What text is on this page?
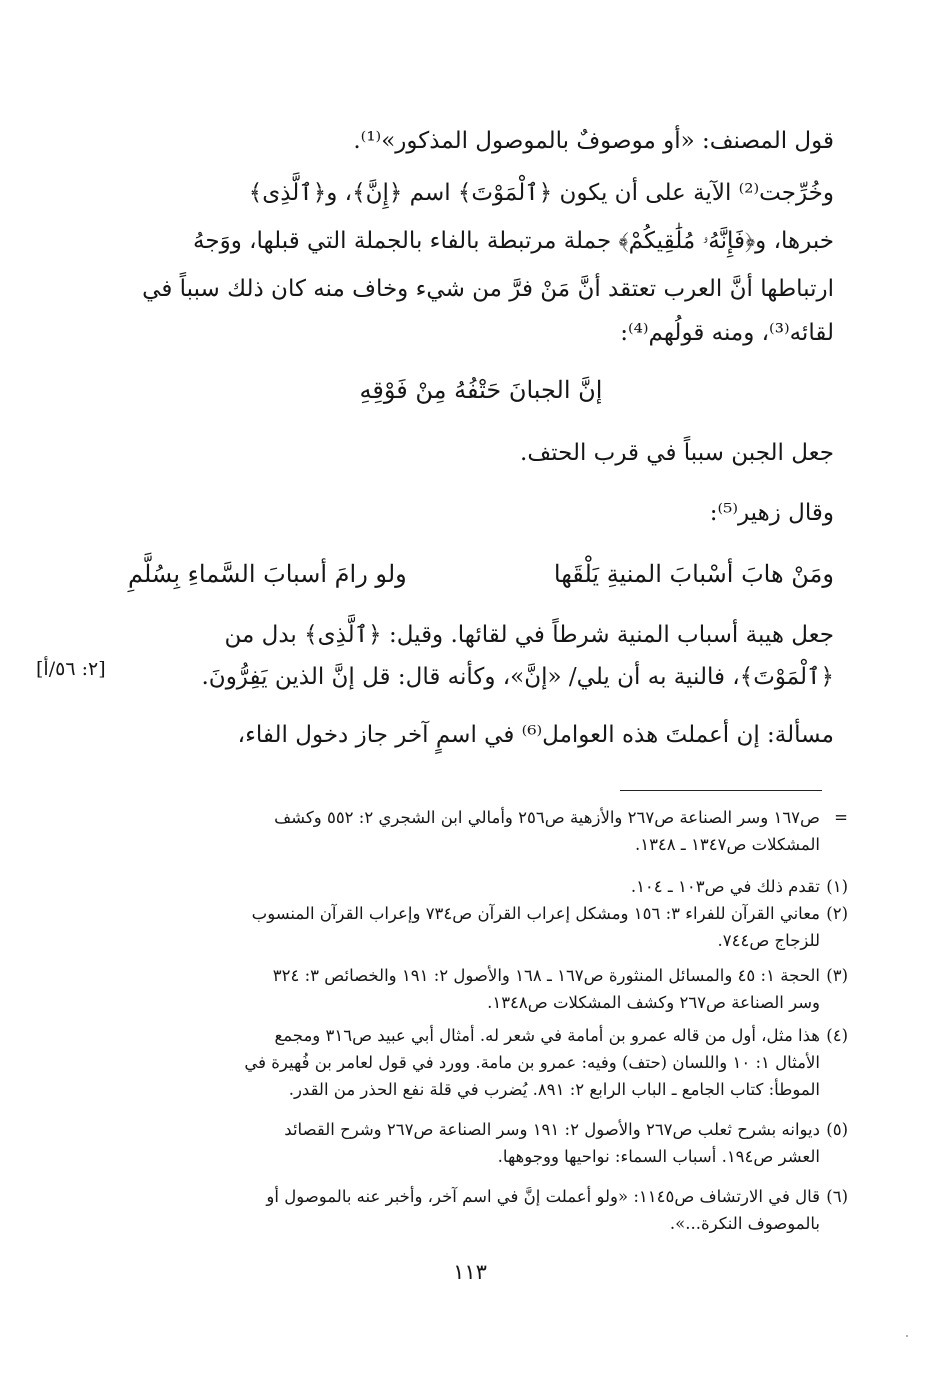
قول المصنف: «أو موصوفٌ بالموصول المذكور»⁽¹⁾.
وخُرِّجت⁽²⁾ الآية على أن يكون ﴿ٱلْمَوْتَ﴾ اسم ﴿إِنَّ﴾، و﴿ٱلَّذِى﴾
خبرها، و﴿فَإِنَّهُۥ مُلَٰقِيكُمْ﴾ جملة مرتبطة بالفاء بالجملة التي قبلها، ووَجهُ
ارتباطها أنَّ العرب تعتقد أنَّ مَنْ فرَّ من شيء وخاف منه كان ذلك سبباً في
لقائه⁽³⁾، ومنه قولُهم⁽⁴⁾:
إنَّ الجبانَ حَتْفُهُ مِنْ فَوْقِهِ
جعل الجبن سبباً في قرب الحتف.
وقال زهير⁽⁵⁾:
ومَنْ هابَ أسْبابَ المنيةِ يَلْقَها
ولو رامَ أسبابَ السَّماءِ بِسُلَّمِ
جعل هيبة أسباب المنية شرطاً في لقائها. وقيل: ﴿ٱلَّذِى﴾ بدل من
﴿ٱلْمَوْتَ﴾، فالنية به أن يلي/ «إنَّ»، وكأنه قال: قل إنَّ الذين يَفِرُّونَ.
مسألة: إن أعملتَ هذه العوامل⁽⁶⁾ في اسمٍ آخر جاز دخول الفاء،
[٢: ٥٦/أ]
=
ص١٦٧ وسر الصناعة ص٢٦٧ والأزهية ص٢٥٦ وأمالي ابن الشجري ٢: ٥٥٢ وكشف
المشكلات ص١٣٤٧ ـ ١٣٤٨.
(١)
تقدم ذلك في ص١٠٣ ـ ١٠٤.
(٢)
معاني القرآن للفراء ٣: ١٥٦ ومشكل إعراب القرآن ص٧٣٤ وإعراب القرآن المنسوب
للزجاج ص٧٤٤.
(٣)
الحجة ١: ٤٥ والمسائل المنثورة ص١٦٧ ـ ١٦٨ والأصول ٢: ١٩١ والخصائص ٣: ٣٢٤
وسر الصناعة ص٢٦٧ وكشف المشكلات ص١٣٤٨.
(٤)
هذا مثل، أول من قاله عمرو بن أمامة في شعر له. أمثال أبي عبيد ص٣١٦ ومجمع
الأمثال ١: ١٠ واللسان (حتف) وفيه: عمرو بن مامة. وورد في قول لعامر بن فُهيرة في
الموطأ: كتاب الجامع ـ الباب الرابع ٢: ٨٩١. يُضرب في قلة نفع الحذر من القدر.
(٥)
ديوانه بشرح ثعلب ص٢٦٧ والأصول ٢: ١٩١ وسر الصناعة ص٢٦٧ وشرح القصائد
العشر ص١٩٤. أسباب السماء: نواحيها ووجوهها.
(٦)
قال في الارتشاف ص١١٤٥: «ولو أعملت إنَّ في اسم آخر، وأخبر عنه بالموصول أو
بالموصوف النكرة...».
١١٣
